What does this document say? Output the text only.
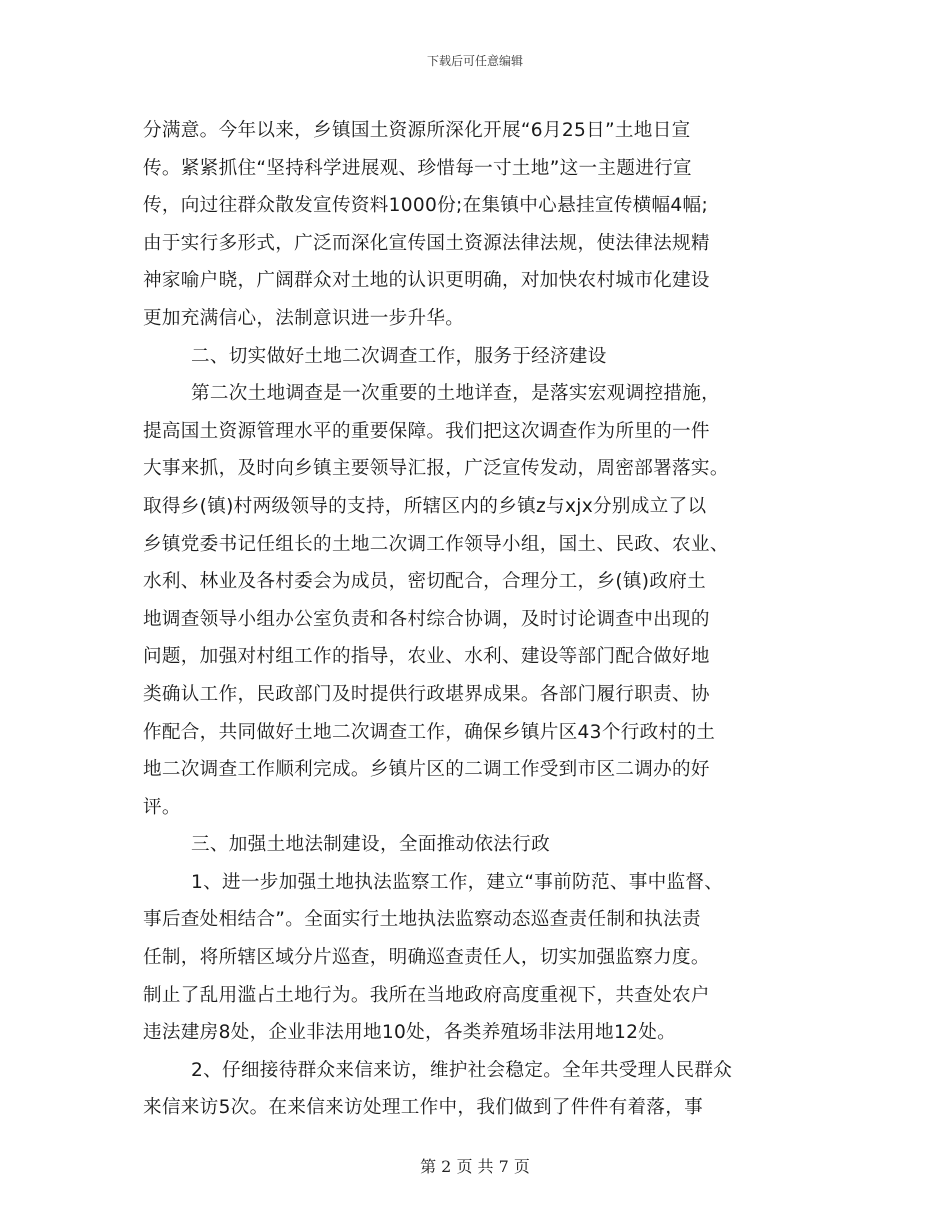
下载后可任意编辑
分满意。今年以来，乡镇国土资源所深化开展“6月25日”土地日宣
传。紧紧抓住“坚持科学进展观、珍惜每一寸土地”这一主题进行宣
传，向过往群众散发宣传资料1000份;在集镇中心悬挂宣传横幅4幅;
由于实行多形式，广泛而深化宣传国土资源法律法规，使法律法规精
神家喻户晓，广阔群众对土地的认识更明确，对加快农村城市化建设
更加充满信心，法制意识进一步升华。
二、切实做好土地二次调查工作，服务于经济建设
第二次土地调查是一次重要的土地详查，是落实宏观调控措施，
提高国土资源管理水平的重要保障。我们把这次调查作为所里的一件
大事来抓，及时向乡镇主要领导汇报，广泛宣传发动，周密部署落实。
取得乡(镇)村两级领导的支持，所辖区内的乡镇z与xjx分别成立了以
乡镇党委书记任组长的土地二次调工作领导小组，国土、民政、农业、
水利、林业及各村委会为成员，密切配合，合理分工，乡(镇)政府土
地调查领导小组办公室负责和各村综合协调，及时讨论调查中出现的
问题，加强对村组工作的指导，农业、水利、建设等部门配合做好地
类确认工作，民政部门及时提供行政堪界成果。各部门履行职责、协
作配合，共同做好土地二次调查工作，确保乡镇片区43个行政村的土
地二次调查工作顺利完成。乡镇片区的二调工作受到市区二调办的好
评。
三、加强土地法制建设，全面推动依法行政
1、进一步加强土地执法监察工作，建立“事前防范、事中监督、
事后查处相结合”。全面实行土地执法监察动态巡查责任制和执法责
任制，将所辖区域分片巡查，明确巡查责任人，切实加强监察力度。
制止了乱用滥占土地行为。我所在当地政府高度重视下，共查处农户
违法建房8处，企业非法用地10处，各类养殖场非法用地12处。
2、仔细接待群众来信来访，维护社会稳定。全年共受理人民群众
来信来访5次。在来信来访处理工作中，我们做到了件件有着落，事
第 2 页 共 7 页
